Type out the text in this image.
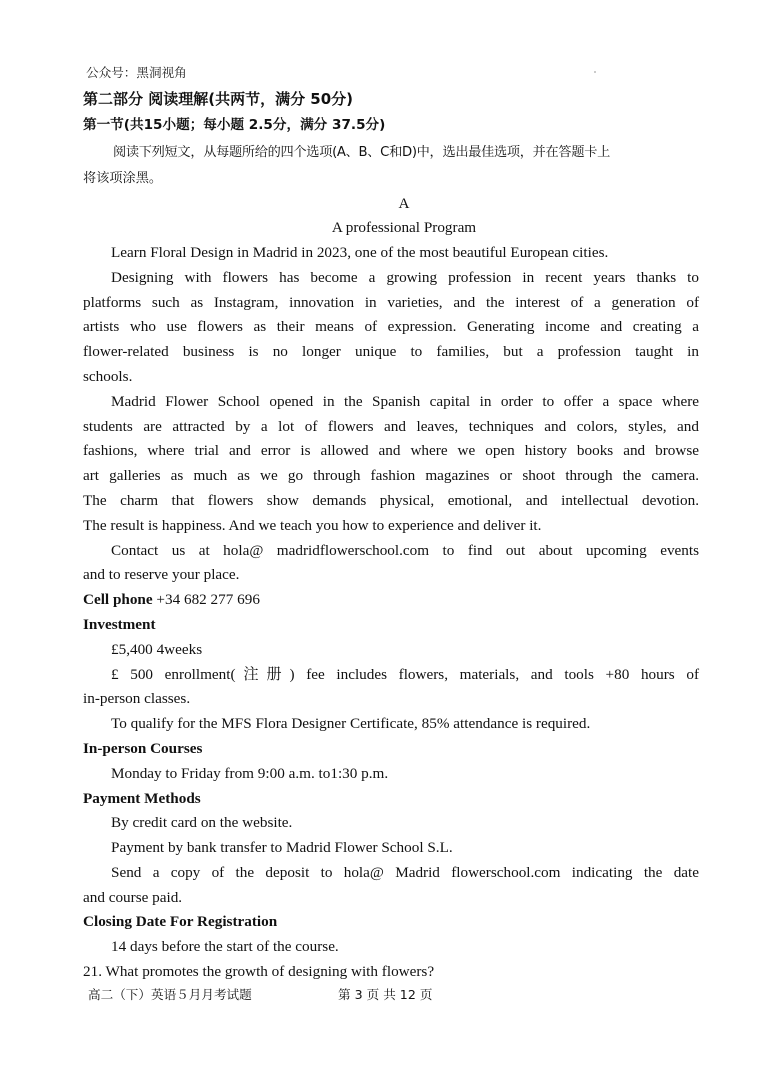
公众号：黑洞视角
第二部分 阅读理解(共两节，满分 50分)
第一节(共15小题；每小题 2.5分，满分 37.5分)
阅读下列短文，从每题所给的四个选项(A、B、C和D)中，选出最佳选项，并在答题卡上
将该项涂黑。
A
A professional Program
Learn Floral Design in Madrid in 2023, one of the most beautiful European cities.
Designing with flowers has become a growing profession in recent years thanks to
platforms such as Instagram, innovation in varieties, and the interest of a generation of
artists who use flowers as their means of expression. Generating income and creating a
flower-related business is no longer unique to families, but a profession taught in
schools.
Madrid Flower School opened in the Spanish capital in order to offer a space where
students are attracted by a lot of flowers and leaves, techniques and colors, styles, and
fashions, where trial and error is allowed and where we open history books and browse
art galleries as much as we go through fashion magazines or shoot through the camera.
The charm that flowers show demands physical, emotional, and intellectual devotion.
The result is happiness. And we teach you how to experience and deliver it.
Contact us at hola@ madridflowerschool.com to find out about upcoming events
and to reserve your place.
Cell phone +34 682 277 696
Investment
£5,400 4weeks
£ 500 enrollment(注册) fee includes flowers, materials, and tools +80 hours of
in-person classes.
To qualify for the MFS Flora Designer Certificate, 85% attendance is required.
In-person Courses
Monday to Friday from 9:00 a.m. to1:30 p.m.
Payment Methods
By credit card on the website.
Payment by bank transfer to Madrid Flower School S.L.
Send a copy of the deposit to hola@ Madrid flowerschool.com indicating the date
and course paid.
Closing Date For Registration
14 days before the start of the course.
21. What promotes the growth of designing with flowers?
高二（下）英语５月月考试题	第 3 页 共 12 页
